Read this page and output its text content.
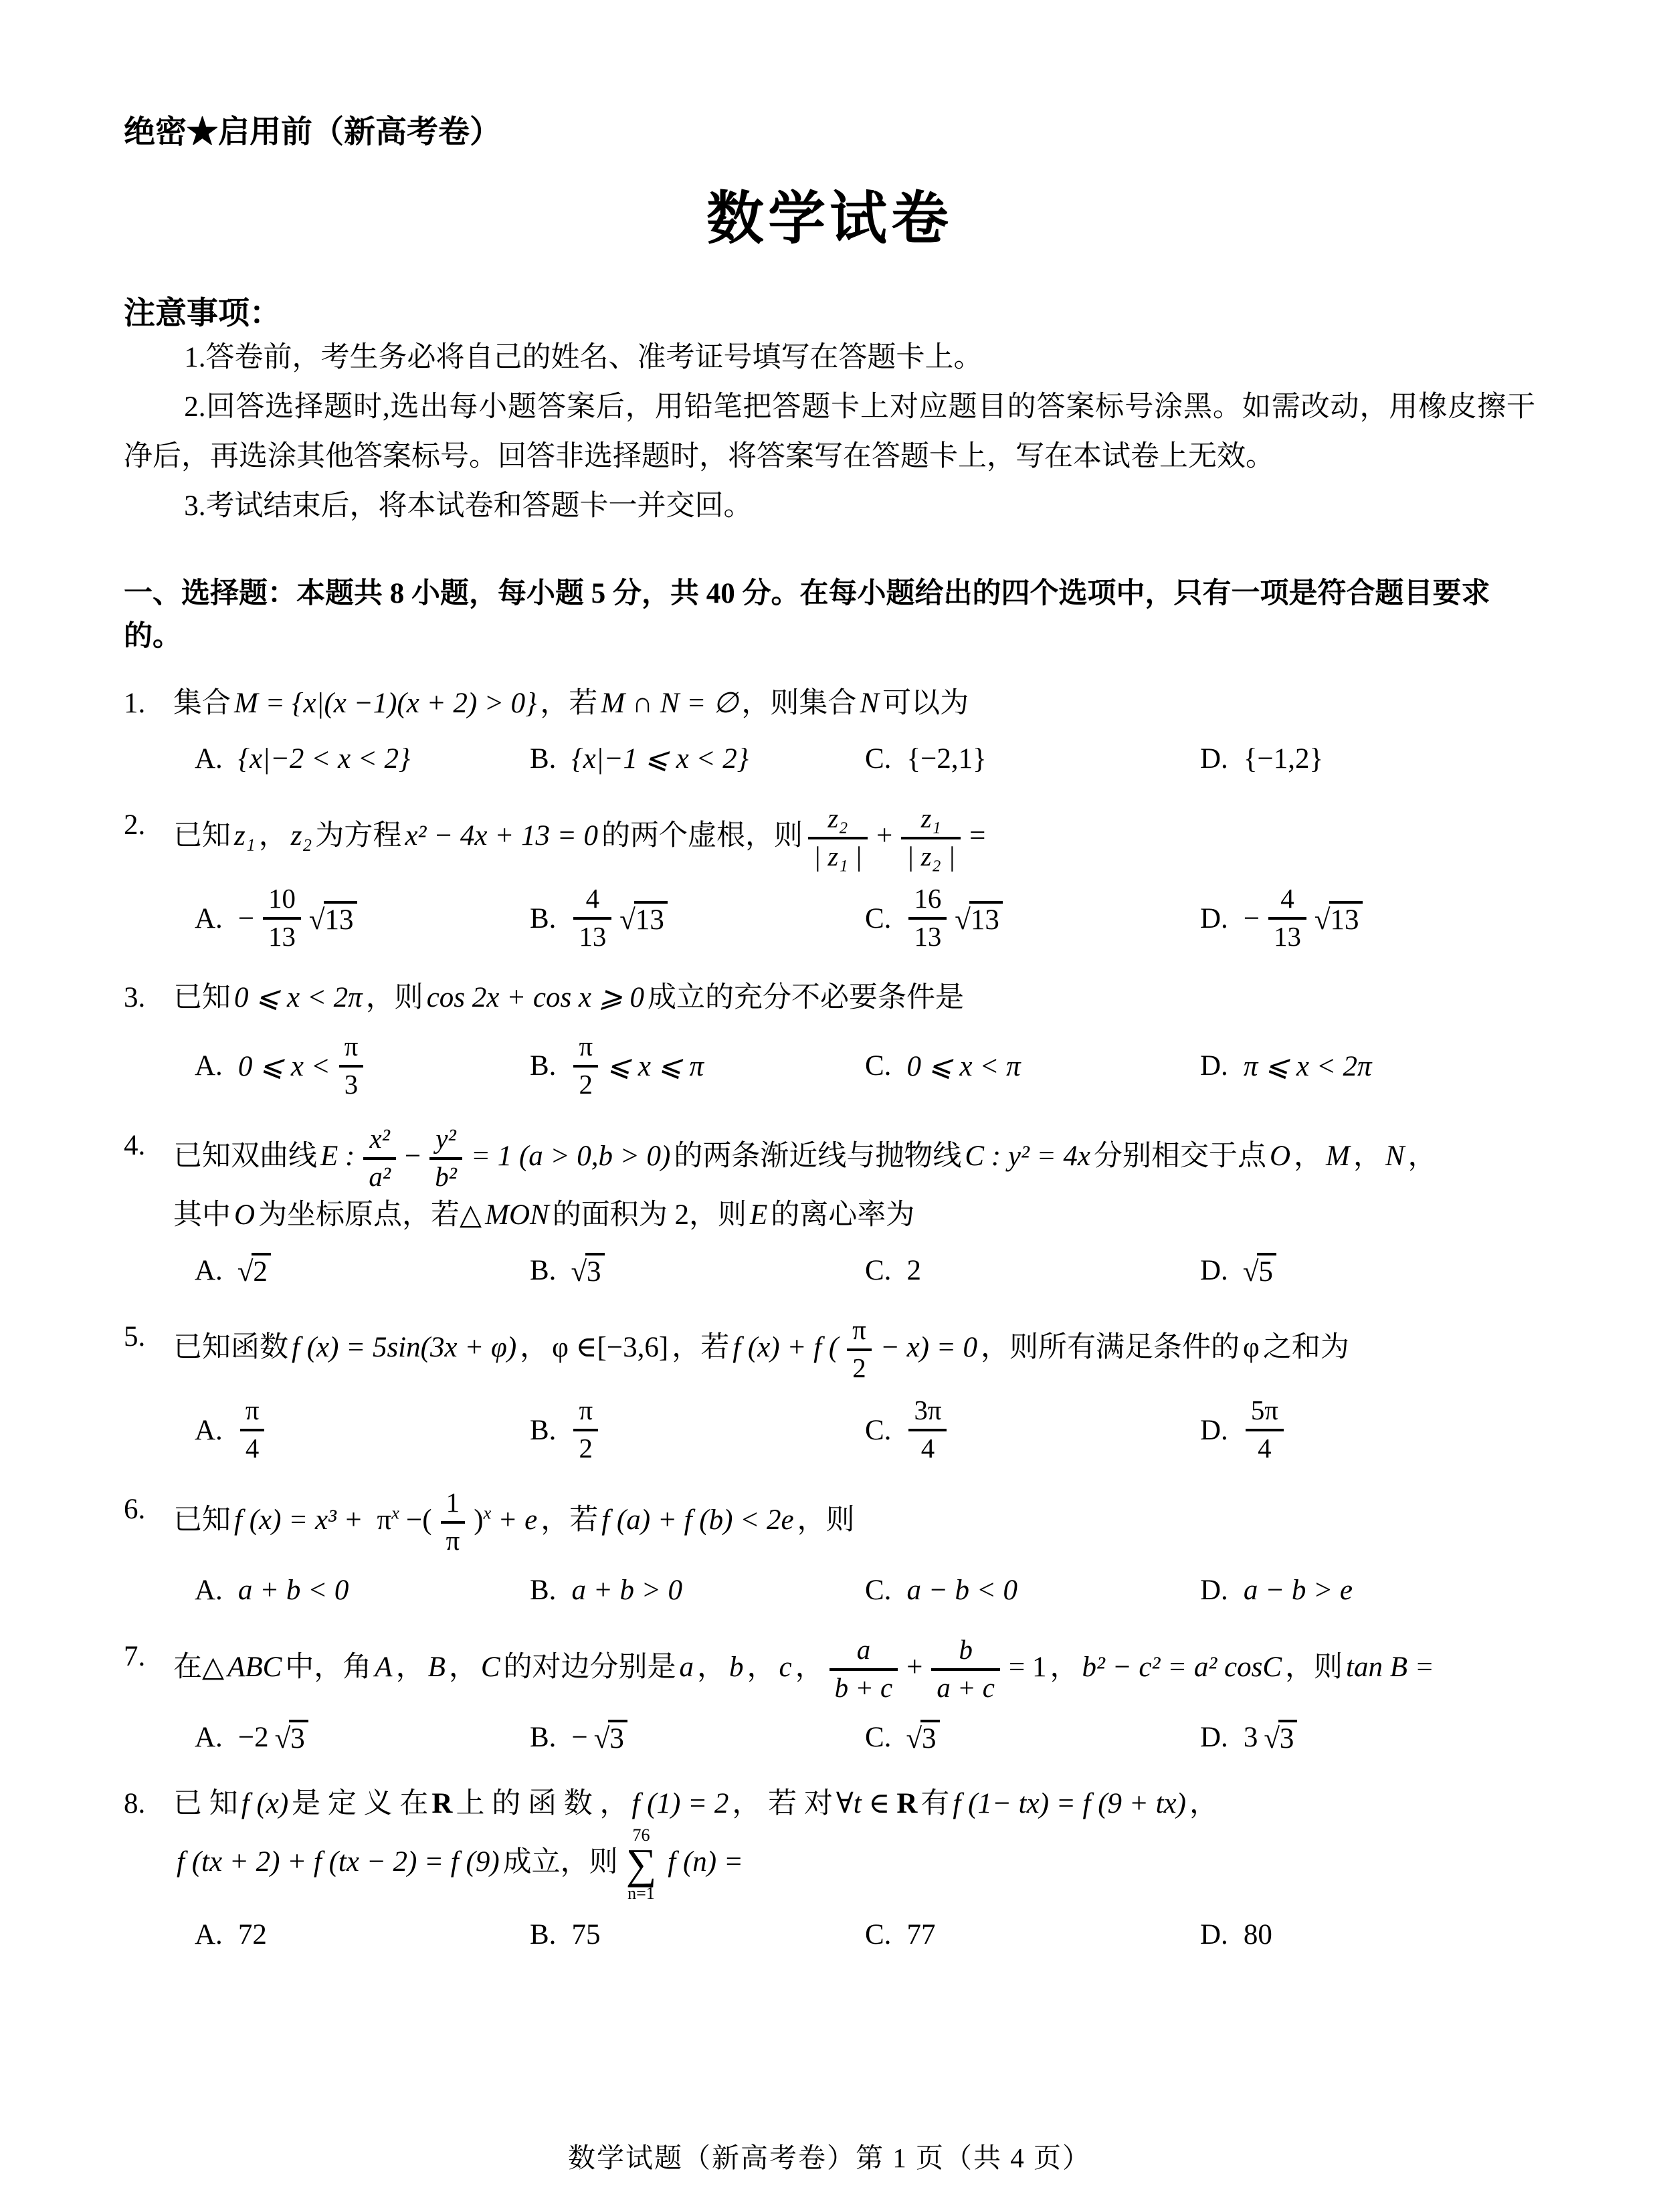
绝密★启用前（新高考卷）
数学试卷
注意事项：

1.答卷前，考生务必将自己的姓名、准考证号填写在答题卡上。

2.回答选择题时,选出每小题答案后，用铅笔把答题卡上对应题目的答案标号涂黑。如需改动，用橡皮擦干净后，再选涂其他答案标号。回答非选择题时，将答案写在答题卡上，写在本试卷上无效。

3.考试结束后，将本试卷和答题卡一并交回。

一、选择题：本题共 8 小题，每小题 5 分，共 40 分。在每小题给出的四个选项中，只有一项是符合题目要求的。
1. 集合 M = {x|(x −1)(x + 2) > 0} ，若 M ∩ N = ∅ ，则集合 N 可以为
A. {x|−2 < x < 2}	B. {x|−1 ⩽ x < 2}	C. {−2,1}	D. {−1,2}
2. 已知 z₁ ， z₂ 为方程 x² − 4x + 13 = 0 的两个虚根，则 $\frac{\text{z₂}}{\text{| z₁ |}} + \frac{\text{z₁}}{\text{| z₂ |}}$ =
A. − $\frac{10}{13}$ √ 13	B. $\frac{4}{13}$ √ 13	C. $\frac{16}{13}$ √ 13	D. − $\frac{4}{13}$ √ 13
3. 已知 0 ⩽ x < 2π ，则 cos 2x + cos x ⩾ 0 成立的充分不必要条件是
A. 0 ⩽ $x < \frac{\pi}{3}$	B. $\frac{\pi}{2}$ ⩽ x ⩽ π	C. 0 ⩽ x < π	D. π ⩽ x < 2π
4. 已知双曲线 E : $\frac{\text{x²}}{\text{a²}} - \frac{\text{y²}}{\text{b²}} = 1$ (a > 0,b > 0) 的两条渐近线与抛物线 C : y² = 4x 分别相交于点 O ， M ， N ，
其中 O 为坐标原点，若△ MON 的面积为 2，则 E 的离心率为
A. √ 2	B. √ 3	C. 2	D. √ 5
5. 已知函数 f (x) = 5sin(3x + φ) ， φ ∈[−3,6] ，若 f (x) + f ( $\frac{\pi}{2} - x) = 0$ ，则所有满足条件的 φ 之和为
A. $\frac{\pi}{4}$	B. $\frac{\pi}{2}$	C. $\frac{3\pi}{4}$	D. $\frac{5\pi}{4}$
6. 已知 f $(x) = x^3 + \pi^x$ −( $\frac{1}{\pi} )^x + e$ ，若 f (a) + f (b) < 2e ，则
A. a + b < 0	B. a + b > 0	C. a − b < 0	D. a − b > e
7. 在△ ABC 中，角 A ， B ， C 的对边分别是 a ， b ， c ， $\frac{a}{b + c} + \frac{b}{a + c} = 1$ ， b² − c² = a² cosC ，则 tan B =
A. −2 √ 3	B. − √ 3	C. √ 3	D. 3 √ 3
8. 已 知 f (x) 是 定 义 在 R 上 的 函 数 ， f (1) = 2 ， 若 对 ∀t ∈ R 有 f (1− tx) = f (9 + tx) ，
f (tx + 2) + f (tx − 2) = f (9) 成立，则
76
∑
n=1
f (n) =
A. 72	B. 75	C. 77	D. 80
数学试题（新高考卷）第 1 页（共 4 页）
